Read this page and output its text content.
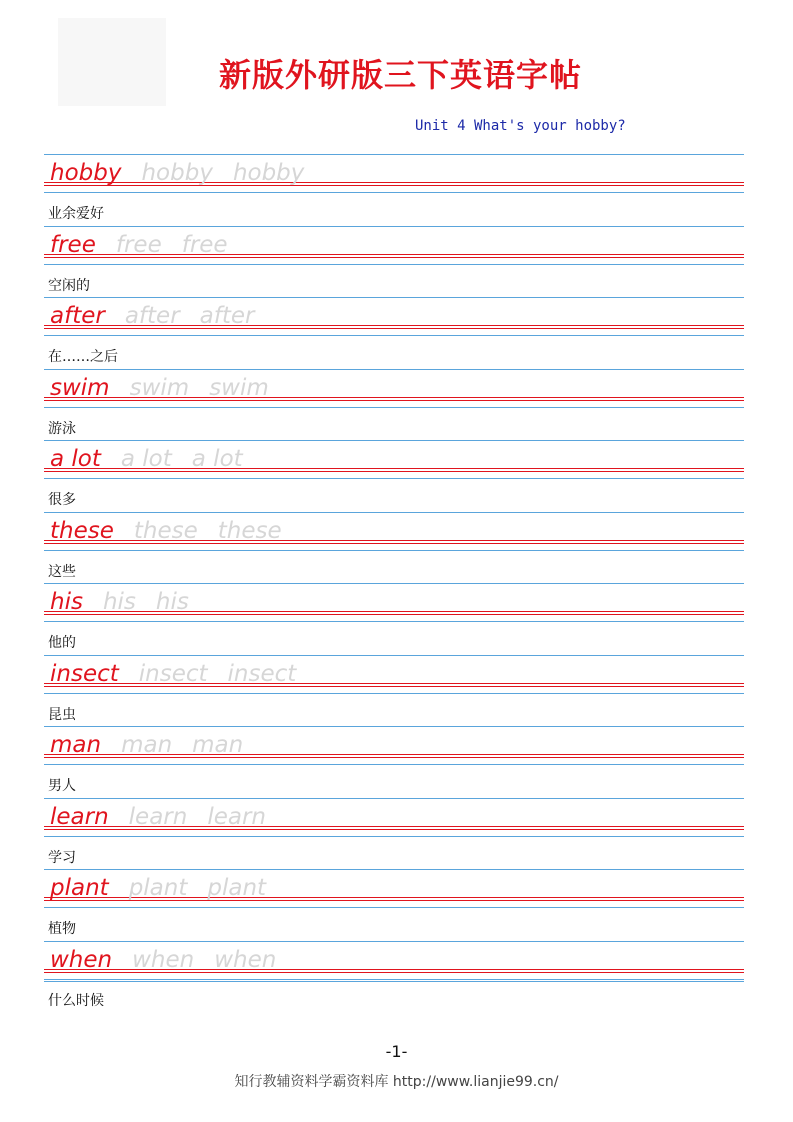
新版外研版三下英语字帖
Unit 4 What's your hobby?
hobby hobby hobby
业余爱好
free free free
空闲的
after after after
在……之后
swim swim swim
游泳
a lot a lot a lot
很多
these these these
这些
his his his
他的
insect insect insect
昆虫
man man man
男人
learn learn learn
学习
plant plant plant
植物
when when when
什么时候
-1-
知行教辅资料学霸资料库 http://www.lianjie99.cn/
